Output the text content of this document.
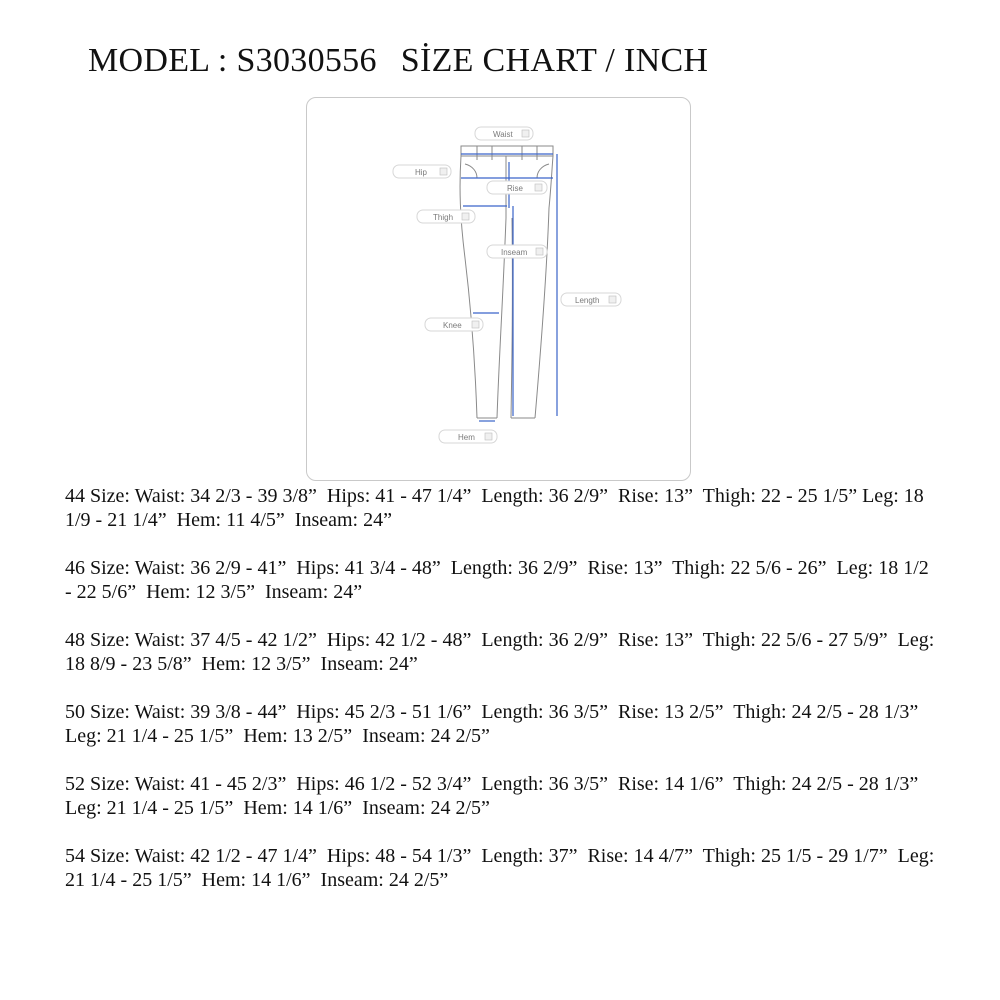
MODEL : S3030556 SİZE CHART / INCH
Waist
Hip
Rise
Thigh
Inseam
Length
Knee
Hem
44 Size: Waist: 34 2/3 - 39 3/8” Hips: 41 - 47 1/4” Length: 36 2/9” Rise: 13” Thigh: 22 - 25 1/5” Leg: 18 1/9 - 21 1/4” Hem: 11 4/5” Inseam: 24”
46 Size: Waist: 36 2/9 - 41” Hips: 41 3/4 - 48” Length: 36 2/9” Rise: 13” Thigh: 22 5/6 - 26” Leg: 18 1/2 - 22 5/6” Hem: 12 3/5” Inseam: 24”
48 Size: Waist: 37 4/5 - 42 1/2” Hips: 42 1/2 - 48” Length: 36 2/9” Rise: 13” Thigh: 22 5/6 - 27 5/9” Leg: 18 8/9 - 23 5/8” Hem: 12 3/5” Inseam: 24”
50 Size: Waist: 39 3/8 - 44” Hips: 45 2/3 - 51 1/6” Length: 36 3/5” Rise: 13 2/5” Thigh: 24 2/5 - 28 1/3”  Leg: 21 1/4 - 25 1/5” Hem: 13 2/5” Inseam: 24 2/5”
52 Size: Waist: 41 - 45 2/3” Hips: 46 1/2 - 52 3/4” Length: 36 3/5” Rise: 14 1/6” Thigh: 24 2/5 - 28 1/3”  Leg: 21 1/4 - 25 1/5” Hem: 14 1/6” Inseam: 24 2/5”
54 Size: Waist: 42 1/2 - 47 1/4” Hips: 48 - 54 1/3” Length: 37” Rise: 14 4/7” Thigh: 25 1/5 - 29 1/7” Leg: 21 1/4 - 25 1/5” Hem: 14 1/6” Inseam: 24 2/5”
